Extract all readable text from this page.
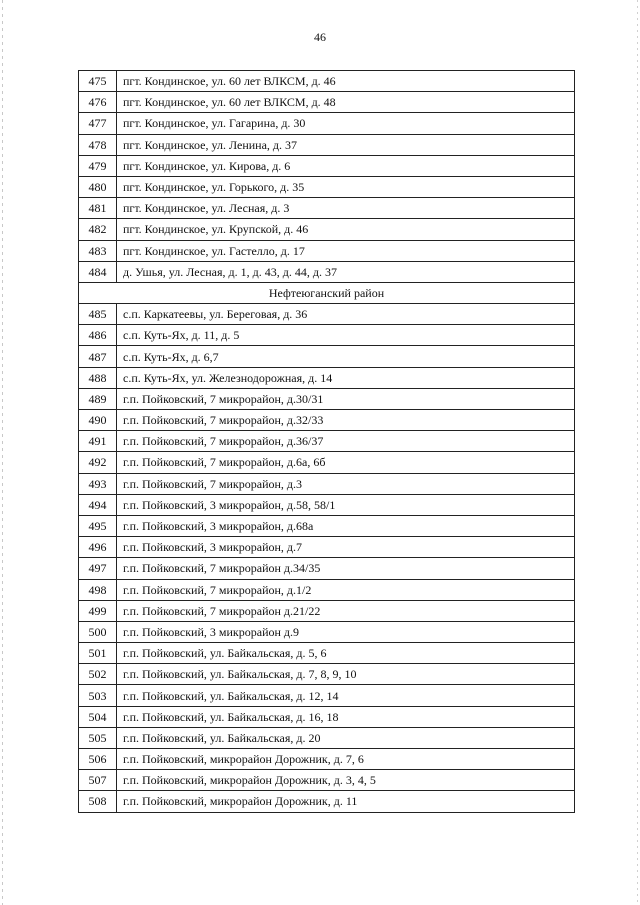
46
475	пгт. Кондинское, ул. 60 лет ВЛКСМ, д. 46
476	пгт. Кондинское, ул. 60 лет ВЛКСМ, д. 48
477	пгт. Кондинское, ул. Гагарина, д. 30
478	пгт. Кондинское, ул. Ленина, д. 37
479	пгт. Кондинское, ул. Кирова, д. 6
480	пгт. Кондинское, ул. Горького, д. 35
481	пгт. Кондинское, ул. Лесная, д. 3
482	пгт. Кондинское, ул. Крупской, д. 46
483	пгт. Кондинское, ул. Гастелло, д. 17
484	д. Ушья, ул. Лесная, д. 1, д. 43, д. 44, д. 37
Нефтеюганский район	
485	с.п. Каркатеевы, ул. Береговая, д. 36
486	с.п. Куть-Ях, д. 11, д. 5
487	с.п. Куть-Ях, д. 6,7
488	с.п. Куть-Ях, ул. Железнодорожная, д. 14
489	г.п. Пойковский, 7 микрорайон, д.30/31
490	г.п. Пойковский, 7 микрорайон, д.32/33
491	г.п. Пойковский, 7 микрорайон, д.36/37
492	г.п. Пойковский, 7 микрорайон, д.6а, 6б
493	г.п. Пойковский, 7 микрорайон, д.3
494	г.п. Пойковский, 3 микрорайон, д.58, 58/1
495	г.п. Пойковский, 3 микрорайон, д.68а
496	г.п. Пойковский, 3 микрорайон, д.7
497	г.п. Пойковский, 7 микрорайон д.34/35
498	г.п. Пойковский, 7 микрорайон, д.1/2
499	г.п. Пойковский, 7 микрорайон д.21/22
500	г.п. Пойковский, 3 микрорайон д.9
501	г.п. Пойковский, ул. Байкальская, д. 5, 6
502	г.п. Пойковский, ул. Байкальская, д. 7, 8, 9, 10
503	г.п. Пойковский, ул. Байкальская, д. 12, 14
504	г.п. Пойковский, ул. Байкальская, д. 16, 18
505	г.п. Пойковский, ул. Байкальская, д. 20
506	г.п. Пойковский, микрорайон Дорожник, д. 7, 6
507	г.п. Пойковский, микрорайон Дорожник, д. 3, 4, 5
508	г.п. Пойковский, микрорайон Дорожник, д. 11
